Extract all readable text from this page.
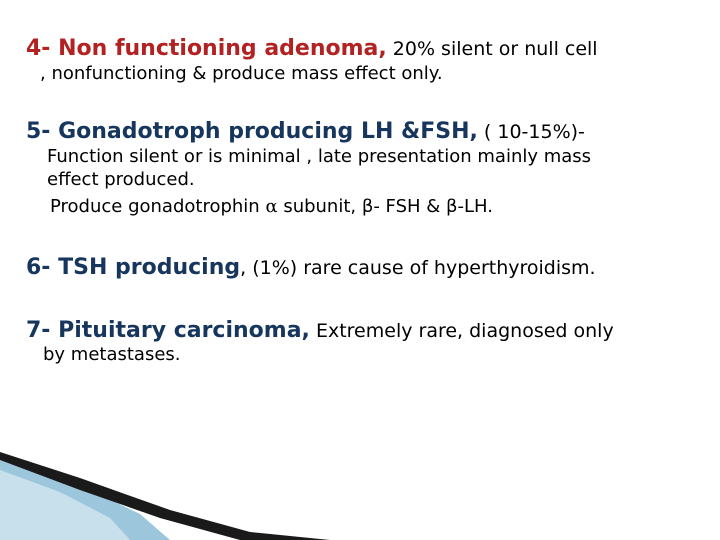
4- Non functioning adenoma, 20% silent or null cell
, nonfunctioning & produce mass effect only.
5- Gonadotroph producing LH &FSH, ( 10-15%)-
Function silent or is minimal , late presentation mainly mass
effect produced.
Produce gonadotrophin α subunit, β- FSH & β-LH.
6- TSH producing, (1%) rare cause of hyperthyroidism.
7- Pituitary carcinoma, Extremely rare, diagnosed only
by metastases.
